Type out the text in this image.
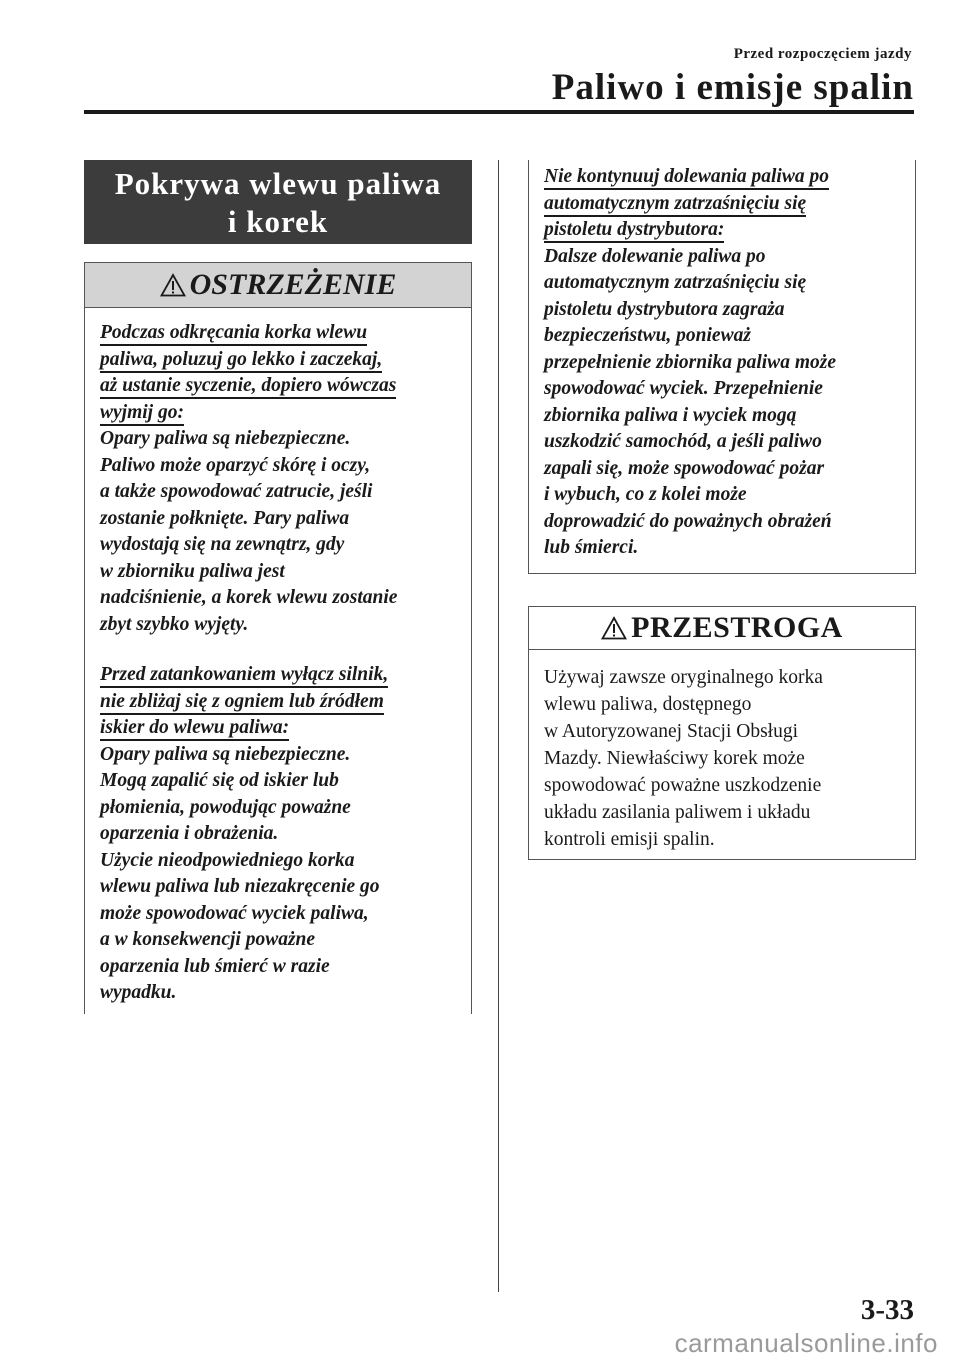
Przed rozpoczęciem jazdy
Paliwo i emisje spalin
Pokrywa wlewu paliwa
i korek
OSTRZEŻENIE
Podczas odkręcania korka wlewu
paliwa, poluzuj go lekko i zaczekaj,
aż ustanie syczenie, dopiero wówczas
wyjmij go:
Opary paliwa są niebezpieczne.
Paliwo może oparzyć skórę i oczy,
a także spowodować zatrucie, jeśli
zostanie połknięte. Pary paliwa
wydostają się na zewnątrz, gdy
w zbiorniku paliwa jest
nadciśnienie, a korek wlewu zostanie
zbyt szybko wyjęty.
Przed zatankowaniem wyłącz silnik,
nie zbliżaj się z ogniem lub źródłem
iskier do wlewu paliwa:
Opary paliwa są niebezpieczne.
Mogą zapalić się od iskier lub
płomienia, powodując poważne
oparzenia i obrażenia.
Użycie nieodpowiedniego korka
wlewu paliwa lub niezakręcenie go
może spowodować wyciek paliwa,
a w konsekwencji poważne
oparzenia lub śmierć w razie
wypadku.
Nie kontynuuj dolewania paliwa po
automatycznym zatrzaśnięciu się
pistoletu dystrybutora:
Dalsze dolewanie paliwa po
automatycznym zatrzaśnięciu się
pistoletu dystrybutora zagraża
bezpieczeństwu, ponieważ
przepełnienie zbiornika paliwa może
spowodować wyciek. Przepełnienie
zbiornika paliwa i wyciek mogą
uszkodzić samochód, a jeśli paliwo
zapali się, może spowodować pożar
i wybuch, co z kolei może
doprowadzić do poważnych obrażeń
lub śmierci.
PRZESTROGA
Używaj zawsze oryginalnego korka
wlewu paliwa, dostępnego
w Autoryzowanej Stacji Obsługi
Mazdy. Niewłaściwy korek może
spowodować poważne uszkodzenie
układu zasilania paliwem i układu
kontroli emisji spalin.
3-33
carmanualsonline.info
